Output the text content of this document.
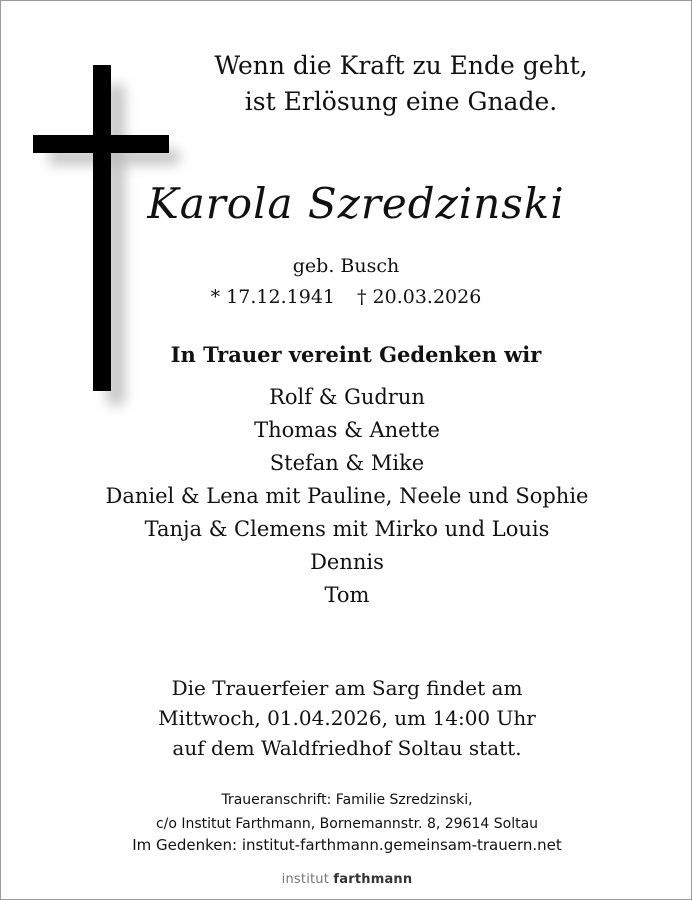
Wenn die Kraft zu Ende geht,
ist Erlösung eine Gnade.
Karola Szredzinski
geb. Busch
* 17.12.1941 † 20.03.2026
In Trauer vereint Gedenken wir
Rolf & Gudrun
Thomas & Anette
Stefan & Mike
Daniel & Lena mit Pauline, Neele und Sophie
Tanja & Clemens mit Mirko und Louis
Dennis
Tom
Die Trauerfeier am Sarg findet am
Mittwoch, 01.04.2026, um 14:00 Uhr
auf dem Waldfriedhof Soltau statt.
Traueranschrift: Familie Szredzinski,
c/o Institut Farthmann, Bornemannstr. 8, 29614 Soltau
Im Gedenken: institut-farthmann.gemeinsam-trauern.net
institut farthmann
